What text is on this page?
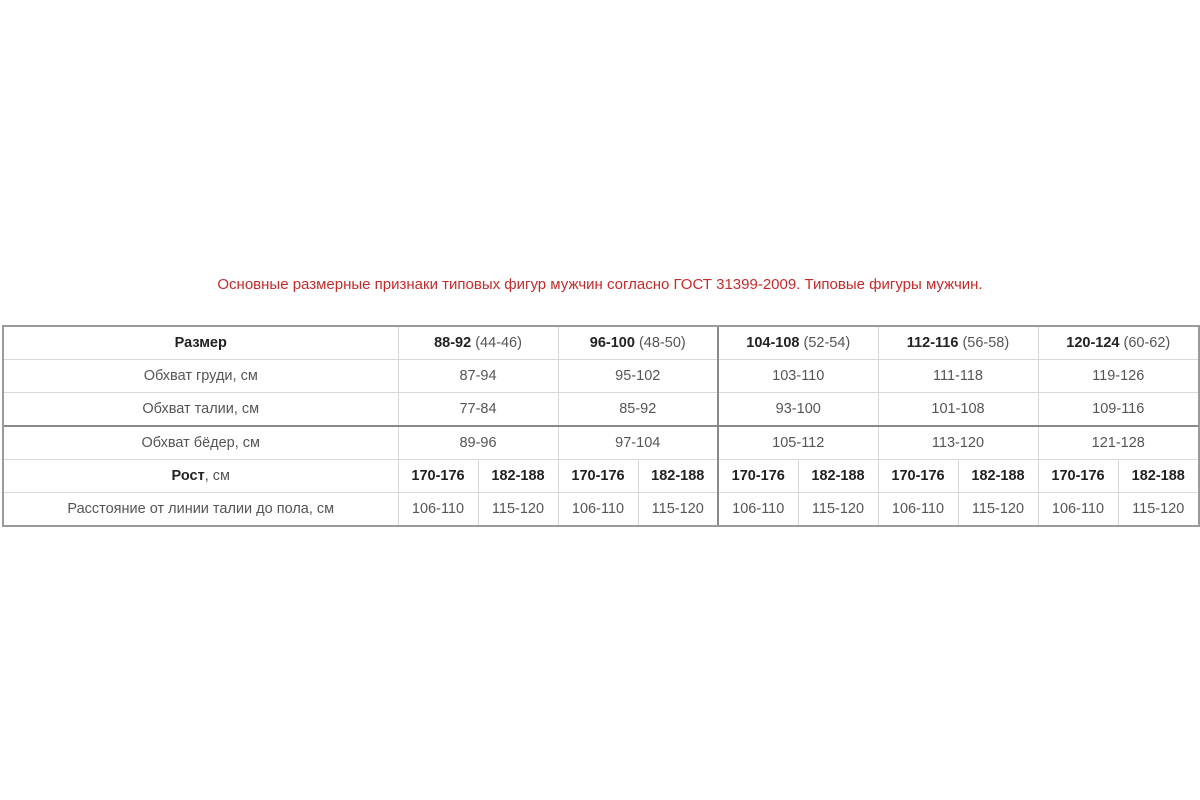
Основные размерные признаки типовых фигур мужчин согласно ГОСТ 31399-2009. Типовые фигуры мужчин.
Размер	88-92 (44-46)		96-100 (48-50)		104-108 (52-54)		112-116 (56-58)		120-124 (60-62)	
Обхват груди, см	87-94		95-102		103-110		111-118		119-126	
Обхват талии, см	77-84		85-92		93-100		101-108		109-116	
Обхват бёдер, см	89-96		97-104		105-112		113-120		121-128	
Рост, см	170-176	182-188	170-176	182-188	170-176	182-188	170-176	182-188	170-176	182-188
Расстояние от линии талии до пола, см	106-110	115-120	106-110	115-120	106-110	115-120	106-110	115-120	106-110	115-120
